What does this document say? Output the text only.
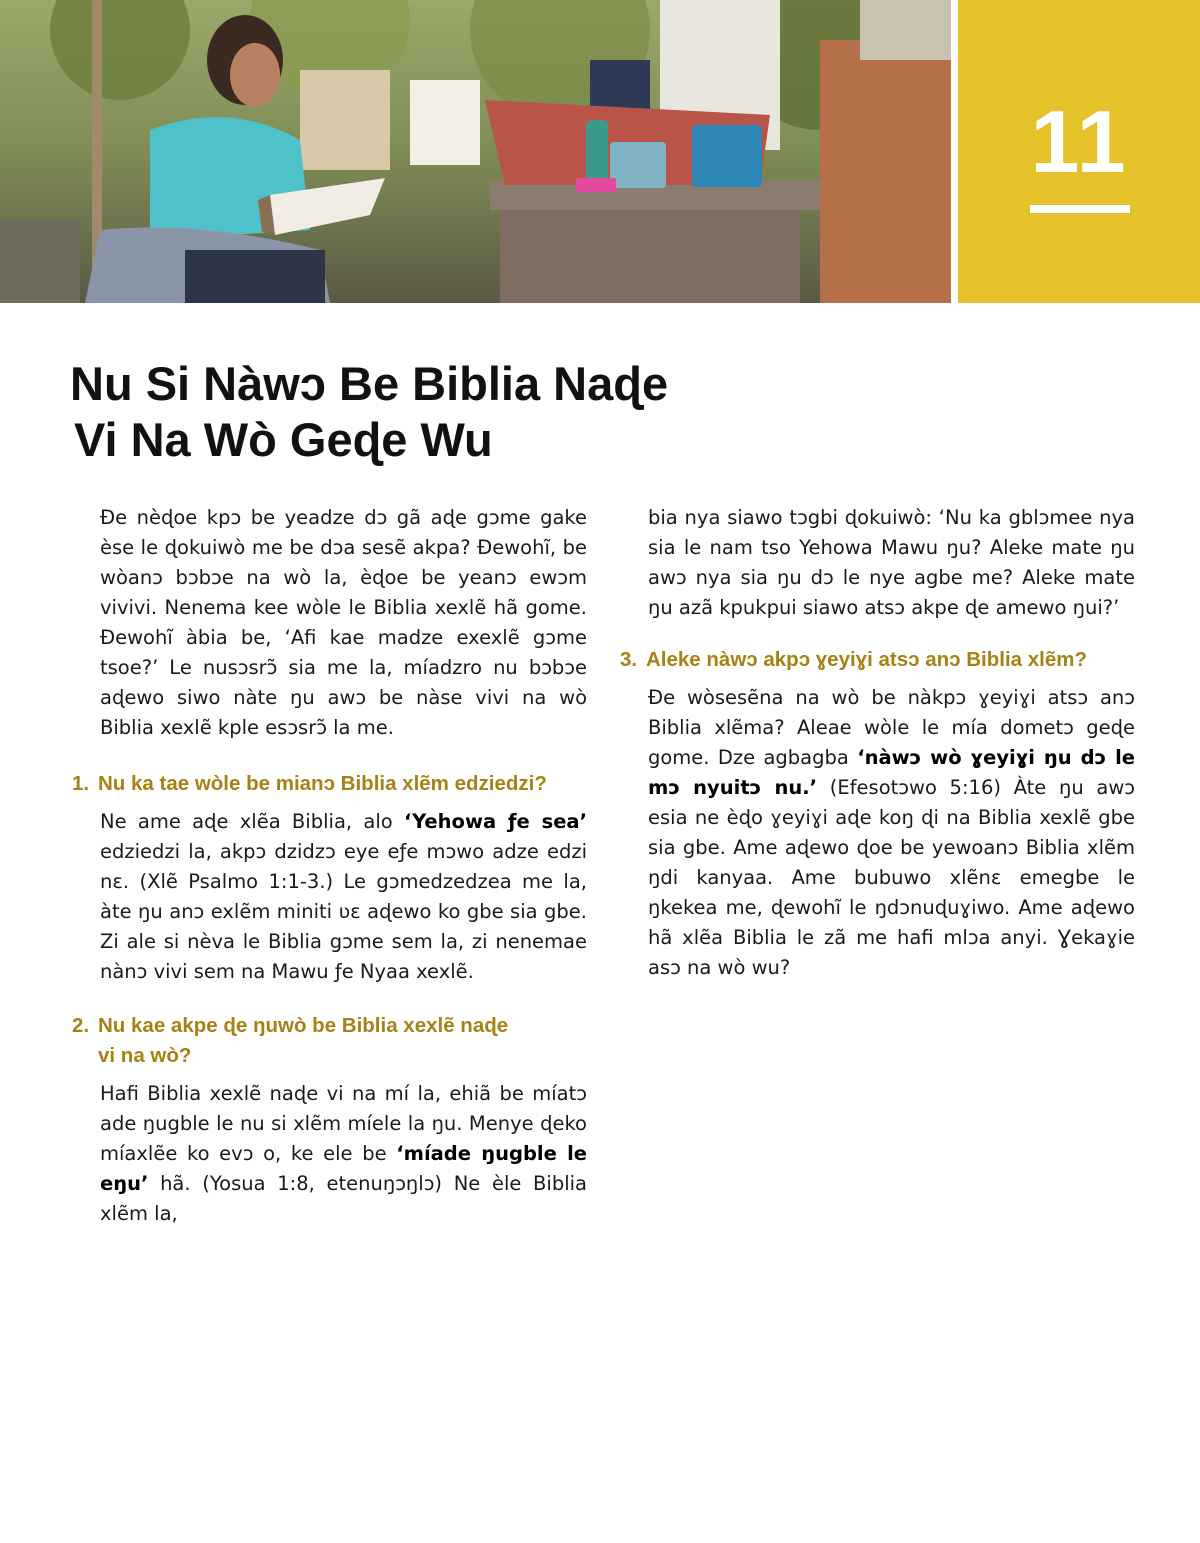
11
Nu Si Nàwɔ Be Biblia Naɖe
Vi Na Wò Geɖe Wu

Ɖe nèɖoe kpɔ be yeadze dɔ gã aɖe gɔme gake èse le ɖokuiwò me be dɔa sesẽ akpa? Ɖewohĩ, be wòanɔ bɔbɔe na wò la, èɖoe be yeanɔ ewɔm vivivi. Nenema kee wòle le Biblia xexlẽ hã gome. Ɖewohĩ àbia be, ‘Afi kae madze exexlẽ gɔme tsoe?’ Le nusɔsrɔ̃ sia me la, míadzro nu bɔbɔe aɖewo siwo nàte ŋu awɔ be nàse vivi na wò Biblia xexlẽ kple esɔsrɔ̃ la me.

1. Nu ka tae wòle be mianɔ Biblia xlẽm edziedzi?

Ne ame aɖe xlẽa Biblia, alo ‘Yehowa ƒe sea’ edziedzi la, akpɔ dzidzɔ eye eƒe mɔwo adze edzi nɛ. (Xlẽ Psalmo 1:1-3.) Le gɔmedzedzea me la, àte ŋu anɔ exlẽm miniti ʋɛ aɖewo ko gbe sia gbe. Zi ale si nèva le Biblia gɔme sem la, zi nenemae nànɔ vivi sem na Mawu ƒe Nyaa xexlẽ.

2. Nu kae akpe ɖe ŋuwò be Biblia xexlẽ naɖe vi na wò?

Hafi Biblia xexlẽ naɖe vi na mí la, ehiã be míatɔ ade ŋugble le nu si xlẽm míele la ŋu. Menye ɖeko míaxlẽe ko evɔ o, ke ele be ‘míade ŋugble le eŋu’ hã. (Yosua 1:8, etenuŋɔŋlɔ) Ne èle Biblia xlẽm la,

bia nya siawo tɔgbi ɖokuiwò: ‘Nu ka gblɔmee nya sia le nam tso Yehowa Mawu ŋu? Aleke mate ŋu awɔ nya sia ŋu dɔ le nye agbe me? Aleke mate ŋu azã kpukpui siawo atsɔ akpe ɖe amewo ŋui?’

3. Aleke nàwɔ akpɔ ɣeyiɣi atsɔ anɔ Biblia xlẽm?

Ɖe wòsesẽna na wò be nàkpɔ ɣeyiɣi atsɔ anɔ Biblia xlẽma? Aleae wòle le mía dometɔ geɖe gome. Dze agbagba ‘nàwɔ wò ɣeyiɣi ŋu dɔ le mɔ nyuitɔ nu.’ (Efesotɔwo 5:16) Àte ŋu awɔ esia ne èɖo ɣeyiɣi aɖe koŋ ɖi na Biblia xexlẽ gbe sia gbe. Ame aɖewo ɖoe be yewoanɔ Biblia xlẽm ŋdi kanyaa. Ame bubuwo xlẽnɛ emegbe le ŋkekea me, ɖewohĩ le ŋdɔnuɖuɣiwo. Ame aɖewo hã xlẽa Biblia le zã me hafi mlɔa anyi. Ɣekaɣie asɔ na wò wu?
